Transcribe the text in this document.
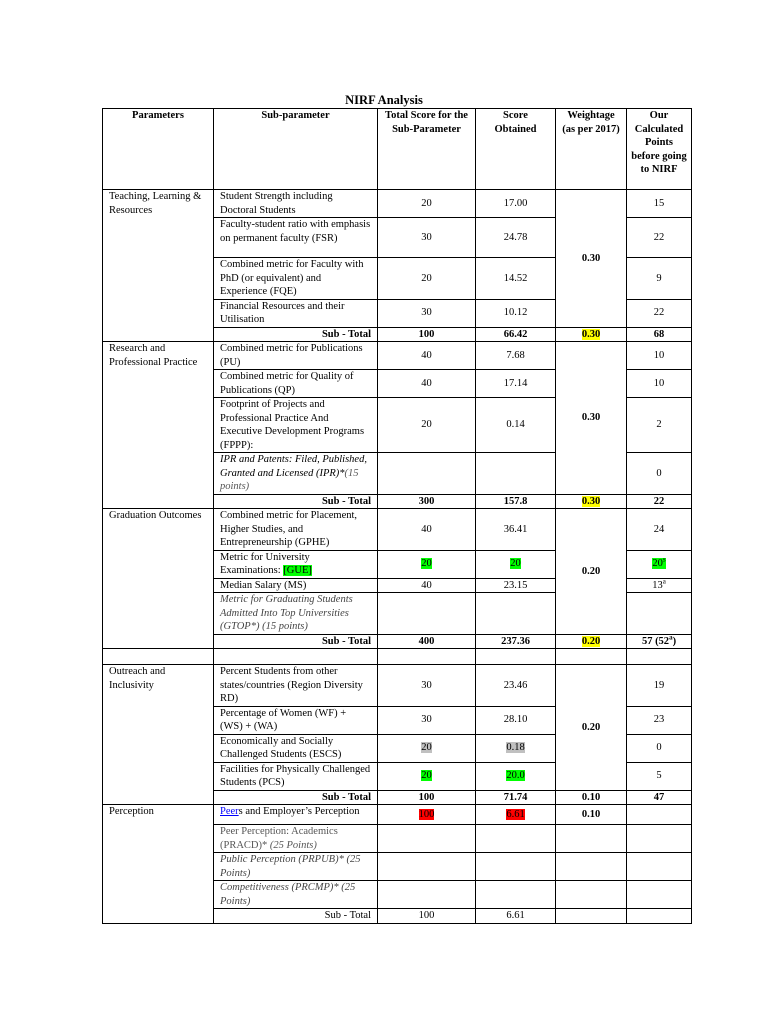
NIRF Analysis
Parameters	Sub-parameter	Total Score for the Sub-Parameter	Score Obtained	Weightage (as per 2017)	Our Calculated Points before going to NIRF
Teaching, Learning & Resources	Student Strength including Doctoral Students	20	17.00	0.30	15
	Faculty-student ratio with emphasis on permanent faculty (FSR)	30	24.78		22
	Combined metric for Faculty with PhD (or equivalent) and Experience (FQE)	20	14.52		9
	Financial Resources and their Utilisation	30	10.12		22
	Sub - Total	100	66.42	0.30	68
Research and Professional Practice	Combined metric for Publications (PU)	40	7.68	0.30	10
	Combined metric for Quality of Publications (QP)	40	17.14		10
	Footprint of Projects and Professional Practice And Executive Development Programs (FPPP):	20	0.14		2
	IPR and Patents: Filed, Published, Granted and Licensed (IPR)*(15 points)				0
	Sub - Total	300	157.8	0.30	22
Graduation Outcomes	Combined metric for Placement, Higher Studies, and Entrepreneurship (GPHE)	40	36.41	0.20	24
	Metric for University Examinations: [GUE]	20	20		20$^s$
	Median Salary (MS)	40	23.15		13$^a$
	Metric for Graduating Students Admitted Into Top Universities (GTOP*) (15 points)				
	Sub - Total	400	237.36	0.20	57 (52$^a$)

Outreach and Inclusivity	Percent Students from other states/countries (Region Diversity RD)	30	23.46	0.20	19
	Percentage of Women (WF) + (WS) + (WA)	30	28.10		23
	Economically and Socially Challenged Students (ESCS)	20	0.18		0
	Facilities for Physically Challenged Students (PCS)	20	20.0		5
	Sub - Total	100	71.74	0.10	47
Perception	Peers and Employer’s Perception	100	6.61	0.10	
	Peer Perception: Academics (PRACD)* (25 Points)				
	Public Perception (PRPUB)* (25 Points)				
	Competitiveness (PRCMP)* (25 Points)				
	Sub - Total	100	6.61		
